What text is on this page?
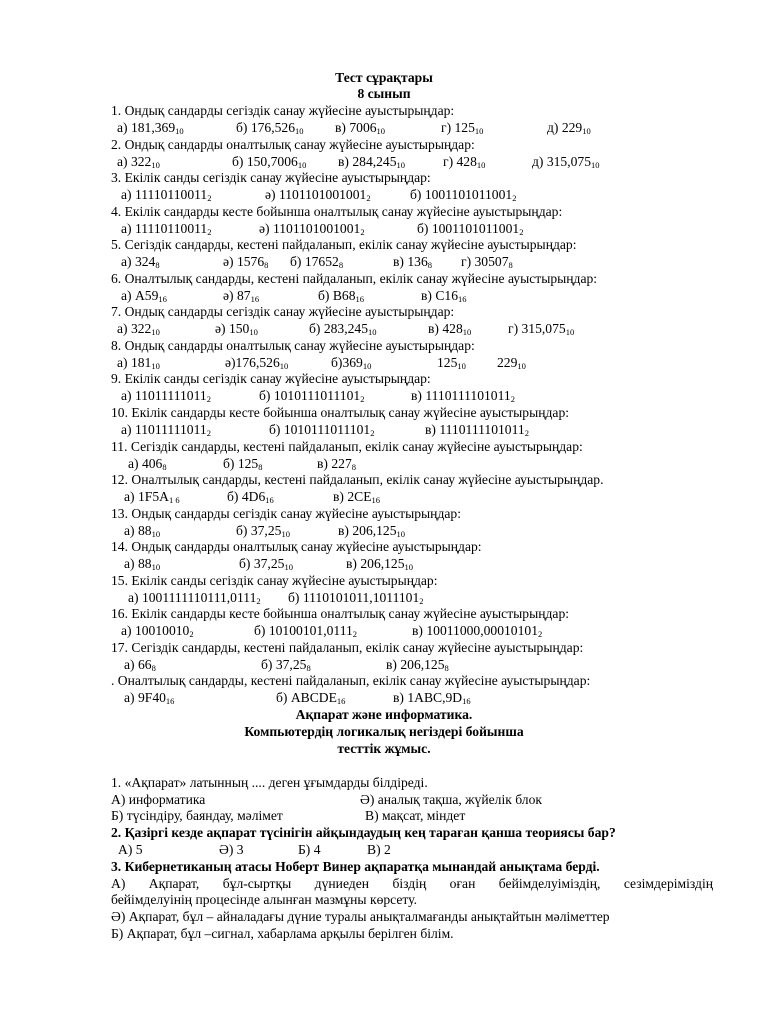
Тест сұрақтары
8 сынып
1. Ондық сандарды сегіздік санау жүйесіне ауыстырыңдар:
а) $181,369_{10}$	б) $176,526_{10}$ в) $7006_{10}$	г) $125_{10}$	д) $229_{10}$
2. Ондық сандарды оналтылық санау жүйесіне ауыстырыңдар:
а) $322_{10}$	б) $150,7006_{10}$ в) $284,245_{10}$	г) $428_{10}$	д) $315,075_{10}$
3. Екілік санды сегіздік санау жүйесіне ауыстырыңдар:
а) $11110110011_2$	ә) $1101101001001_2$	б) $1001101011001_2$
4. Екілік сандарды кесте бойынша оналтылық санау жүйесіне ауыстырыңдар:
а) $11110110011_2$	ә) $1101101001001_2$	б) $1001101011001_2$
5. Сегіздік сандарды, кестені пайдаланып, екілік санау жүйесіне ауыстырыңдар:
а) $324_8$	ә) $1576_8$ б) $17652_8$	в) $136_8$ г) $30507_8$
6. Оналтылық сандарды, кестені пайдаланып, екілік санау жүйесіне ауыстырыңдар:
а) $A59_{16}$	ә) $87_{16}$	б) $B68_{16}$	в) $C16_{16}$
7. Ондық сандарды сегіздік санау жүйесіне ауыстырыңдар:
а) $322_{10}$	ә) $150_{10}$	б) $283,245_{10}$	в) $428_{10}$	г) $315,075_{10}$
8. Ондық сандарды оналтылық санау жүйесіне ауыстырыңдар:
а) $181_{10}$	$ә)176,526_{10}$	$б)369_{10}$	$125_{10}$ $229_{10}$
9. Екілік санды сегіздік санау жүйесіне ауыстырыңдар:
а) $11011111011_2$	б) $1010111011101_2$	в) $1110111101011_2$
10. Екілік сандарды кесте бойынша оналтылық санау жүйесіне ауыстырыңдар:
а) $11011111011_2$	б) $1010111011101_2$	в) $1110111101011_2$
11. Сегіздік сандарды, кестені пайдаланып, екілік санау жүйесіне ауыстырыңдар:
а) $406_8$	б) $125_8$	в) $227_8$
12. Оналтылық сандарды, кестені пайдаланып, екілік санау жүйесіне ауыстырыңдар.
а) $1F5A_{1 6}$	б) $4D6_{16}$	в) $2CE_{16}$
13. Ондық сандарды сегіздік санау жүйесіне ауыстырыңдар:
а) $88_{10}$	б) $37,25_{10}$	в) $206,125_{10}$
14. Ондық сандарды оналтылық санау жүйесіне ауыстырыңдар:
а) $88_{10}$	б) $37,25_{10}$	в) $206,125_{10}$
15. Екілік санды сегіздік санау жүйесіне ауыстырыңдар:
а) $1001111110111,0111_2$ б) $1110101011,1011101_2$
16. Екілік сандарды кесте бойынша оналтылық санау жүйесіне ауыстырыңдар:
а) $10010010_2$	б) $10100101,0111_2$	в) $10011000,00010101_2$
17. Сегіздік сандарды, кестені пайдаланып, екілік санау жүйесіне ауыстырыңдар:
а) $66_8$	б) $37,25_8$	в) $206,125_8$
. Оналтылық сандарды, кестені пайдаланып, екілік санау жүйесіне ауыстырыңдар:
а) $9F40_{16}$	б) $ABCDE_{16}$	в) $1ABC,9D_{16}$
Ақпарат және информатика.
Компьютердің логикалық негіздері бойынша
тесттік жұмыс.
1. «Ақпарат» латынның .... деген ұғымдарды білдіреді.
А) информатика	Ә) аналық тақша, жүйелік блок
Б) түсіндіру, баяндау, мәлімет	В) мақсат, міндет
2. Қазіргі кезде ақпарат түсінігін айқындаудың кең тараған қанша теориясы бар?
А) 5	Ә) 3	Б) 4	В) 2
3. Кибернетиканың атасы Ноберт Винер ақпаратқа мынандай анықтама берді.
А) Ақпарат, бұл-сыртқы дүниеден біздің оған бейімделуіміздің, сезімдеріміздің
бейімделуінің процесінде алынған мазмұны көрсету.
Ә) Ақпарат, бұл – айналадағы дүние туралы анықталмағанды анықтайтын мәліметтер
Б) Ақпарат, бұл –сигнал, хабарлама арқылы берілген білім.
